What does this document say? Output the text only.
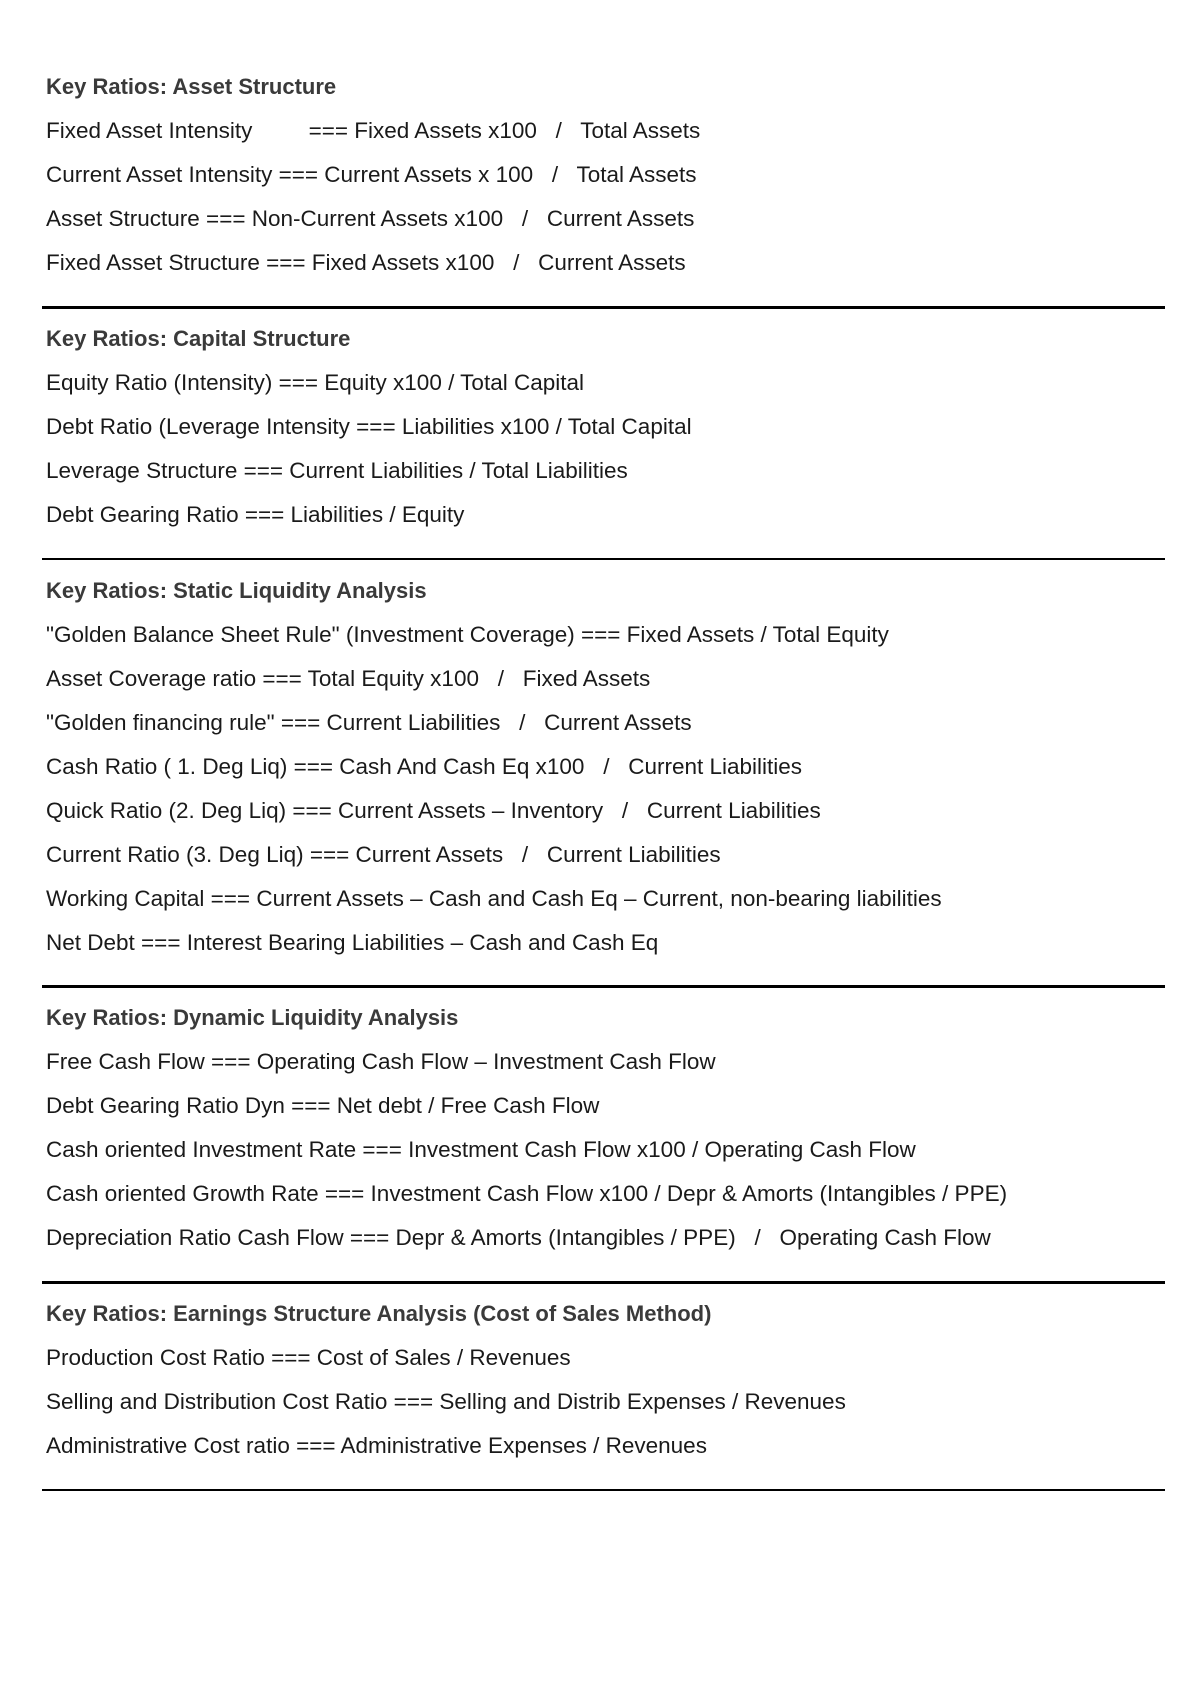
Key Ratios: Asset Structure
Fixed Asset Intensity         === Fixed Assets x100   /   Total Assets
Current Asset Intensity === Current Assets x 100   /   Total Assets
Asset Structure === Non-Current Assets x100   /   Current Assets
Fixed Asset Structure === Fixed Assets x100   /   Current Assets
Key Ratios: Capital Structure
Equity Ratio (Intensity) === Equity x100 / Total Capital
Debt Ratio (Leverage Intensity === Liabilities x100 / Total Capital
Leverage Structure === Current Liabilities / Total Liabilities
Debt Gearing Ratio === Liabilities / Equity
Key Ratios: Static Liquidity Analysis
"Golden Balance Sheet Rule" (Investment Coverage) === Fixed Assets / Total Equity
Asset Coverage ratio === Total Equity x100   /   Fixed Assets
"Golden financing rule" === Current Liabilities   /   Current Assets
Cash Ratio ( 1. Deg Liq) === Cash And Cash Eq x100   /   Current Liabilities
Quick Ratio (2. Deg Liq) === Current Assets – Inventory   /   Current Liabilities
Current Ratio (3. Deg Liq) === Current Assets   /   Current Liabilities
Working Capital === Current Assets – Cash and Cash Eq – Current, non-bearing liabilities
Net Debt === Interest Bearing Liabilities – Cash and Cash Eq
Key Ratios: Dynamic Liquidity Analysis
Free Cash Flow === Operating Cash Flow – Investment Cash Flow
Debt Gearing Ratio Dyn === Net debt / Free Cash Flow
Cash oriented Investment Rate === Investment Cash Flow x100 / Operating Cash Flow
Cash oriented Growth Rate === Investment Cash Flow x100 / Depr & Amorts (Intangibles / PPE)
Depreciation Ratio Cash Flow === Depr & Amorts (Intangibles / PPE)   /   Operating Cash Flow
Key Ratios: Earnings Structure Analysis (Cost of Sales Method)
Production Cost Ratio === Cost of Sales / Revenues
Selling and Distribution Cost Ratio === Selling and Distrib Expenses / Revenues
Administrative Cost ratio === Administrative Expenses / Revenues
